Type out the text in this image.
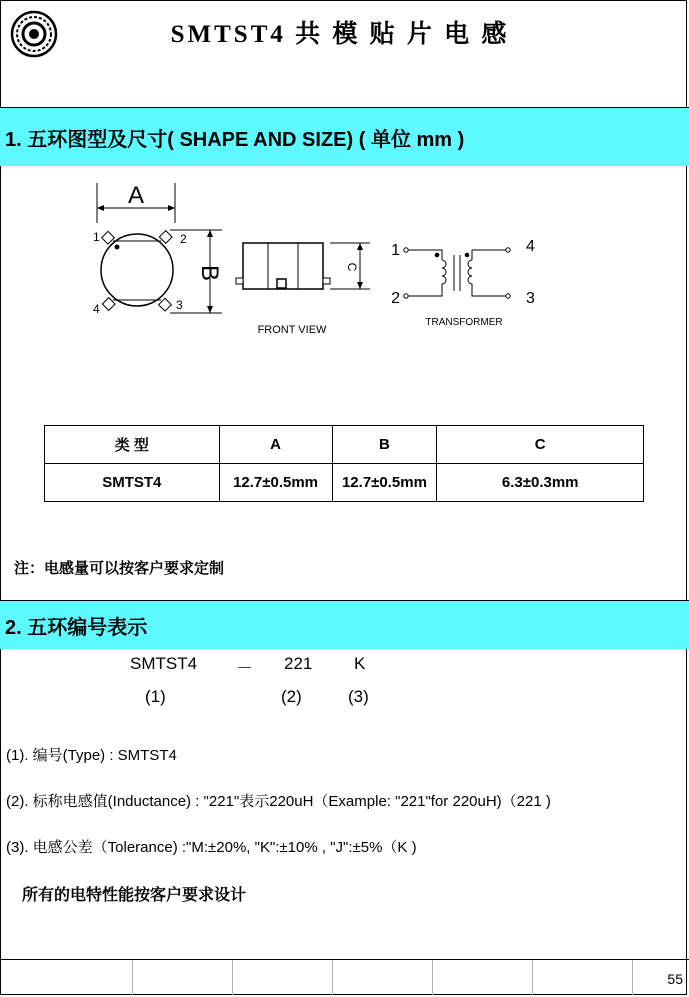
SMTST4 共 模 贴 片 电 感
1. 五环图型及尺寸( SHAPE AND SIZE) ( 单位 mm )
A
1	2
3
4
B	C
FRONT VIEW
1
2	3
4
TRANSFORMER
类 型	A	B	C
SMTST4	12.7±0.5mm	12.7±0.5mm	6.3±0.3mm
注：电感量可以按客户要求定制
2. 五环编号表示
SMTST4 － 221 K
(1)	(2)	(3)
(1). 编号(Type) : SMTST4
(2). 标称电感值(Inductance) : "221"表示220uH（Example: "221"for 220uH)（221 )
(3). 电感公差（Tolerance) :"M:±20%, "K":±10% , "J":±5%（K )
所有的电特性能按客户要求设计
55
